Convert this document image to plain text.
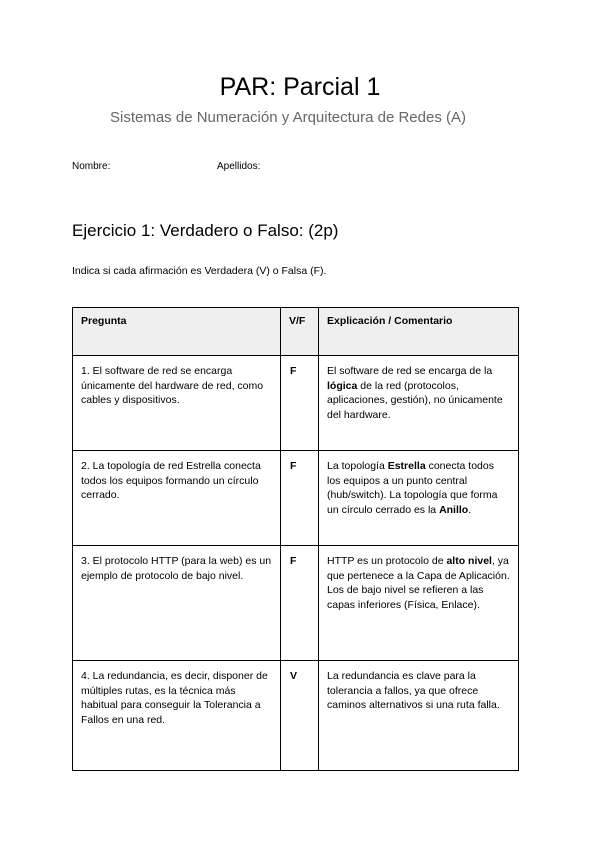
PAR: Parcial 1

Sistemas de Numeración y Arquitectura de Redes (A)

Nombre:	Apellidos:
Ejercicio 1: Verdadero o Falso: (2p)
Indica si cada afirmación es Verdadera (V) o Falsa (F).
Pregunta	V/F	Explicación / Comentario
1. El software de red se encarga únicamente del hardware de red, como cables y dispositivos.	F	El software de red se encarga de la lógica de la red (protocolos, aplicaciones, gestión), no únicamente del hardware.
2. La topología de red Estrella conecta todos los equipos formando un círculo cerrado.	F	La topología Estrella conecta todos los equipos a un punto central (hub/switch). La topología que forma un círculo cerrado es la Anillo.
3. El protocolo HTTP (para la web) es un ejemplo de protocolo de bajo nivel.	F	HTTP es un protocolo de alto nivel, ya que pertenece a la Capa de Aplicación. Los de bajo nivel se refieren a las capas inferiores (Física, Enlace).
4. La redundancia, es decir, disponer de múltiples rutas, es la técnica más habitual para conseguir la Tolerancia a Fallos en una red.	V	La redundancia es clave para la tolerancia a fallos, ya que ofrece caminos alternativos si una ruta falla.
